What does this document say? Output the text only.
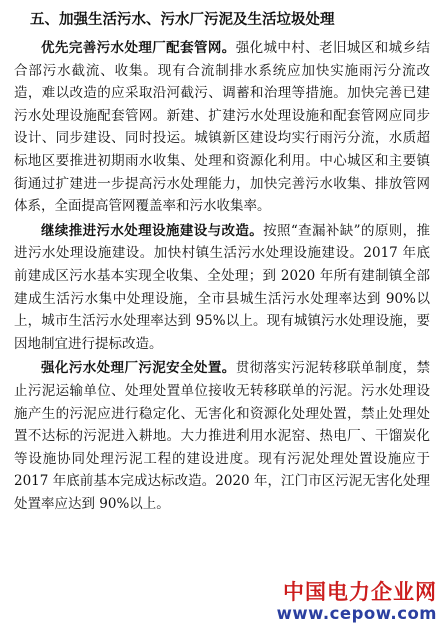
五、加强生活污水、污水厂污泥及生活垃圾处理

优先完善污水处理厂配套管网。强化城中村、老旧城区和城乡结合部污水截流、收集。现有合流制排水系统应加快实施雨污分流改造，难以改造的应采取沿河截污、调蓄和治理等措施。加快完善已建污水处理设施配套管网。新建、扩建污水处理设施和配套管网应同步设计、同步建设、同时投运。城镇新区建设均实行雨污分流，水质超标地区要推进初期雨水收集、处理和资源化利用。中心城区和主要镇街通过扩建进一步提高污水处理能力，加快完善污水收集、排放管网体系，全面提高管网覆盖率和污水收集率。

继续推进污水处理设施建设与改造。按照“查漏补缺”的原则，推进污水处理设施建设。加快村镇生活污水处理设施建设。2017 年底前建成区污水基本实现全收集、全处理；到 2020 年所有建制镇全部建成生活污水集中处理设施，全市县城生活污水处理率达到 90%以上，城市生活污水处理率达到 95%以上。现有城镇污水处理设施，要因地制宜进行提标改造。

强化污水处理厂污泥安全处置。贯彻落实污泥转移联单制度，禁止污泥运输单位、处理处置单位接收无转移联单的污泥。污水处理设施产生的污泥应进行稳定化、无害化和资源化处理处置，禁止处理处置不达标的污泥进入耕地。大力推进利用水泥窑、热电厂、干馏炭化等设施协同处理污泥工程的建设进度。现有污泥处理处置设施应于 2017 年底前基本完成达标改造。2020 年，江门市区污泥无害化处理处置率应达到 90%以上。

中国电力企业网
www.cepow.com
